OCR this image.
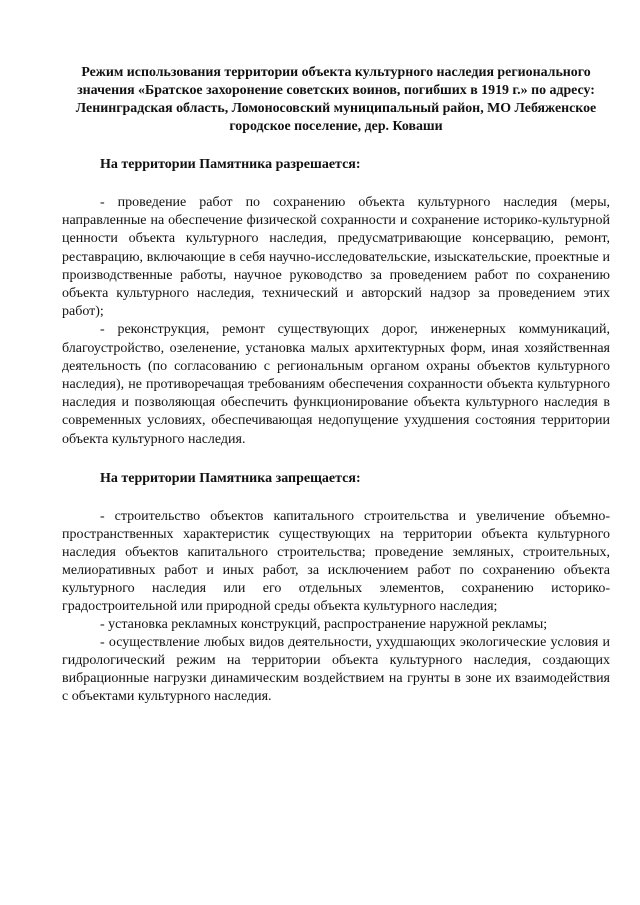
Режим использования территории объекта культурного наследия регионального значения «Братское захоронение советских воинов, погибших в 1919 г.» по адресу: Ленинградская область, Ломоносовский муниципальный район, МО Лебяженское городское поселение, дер. Коваши
На территории Памятника разрешается:

- проведение работ по сохранению объекта культурного наследия (меры, направленные на обеспечение физической сохранности и сохранение историко-культурной ценности объекта культурного наследия, предусматривающие консервацию, ремонт, реставрацию, включающие в себя научно-исследовательские, изыскательские, проектные и производственные работы, научное руководство за проведением работ по сохранению объекта культурного наследия, технический и авторский надзор за проведением этих работ);

- реконструкция, ремонт существующих дорог, инженерных коммуникаций, благоустройство, озеленение, установка малых архитектурных форм, иная хозяйственная деятельность (по согласованию с региональным органом охраны объектов культурного наследия), не противоречащая требованиям обеспечения сохранности объекта культурного наследия и позволяющая обеспечить функционирование объекта культурного наследия в современных условиях, обеспечивающая недопущение ухудшения состояния территории объекта культурного наследия.

На территории Памятника запрещается:

- строительство объектов капитального строительства и увеличение объемно-пространственных характеристик существующих на территории объекта культурного наследия объектов капитального строительства; проведение земляных, строительных, мелиоративных работ и иных работ, за исключением работ по сохранению объекта культурного наследия или его отдельных элементов, сохранению историко-градостроительной или природной среды объекта культурного наследия;

- установка рекламных конструкций, распространение наружной рекламы;

- осуществление любых видов деятельности, ухудшающих экологические условия и гидрологический режим на территории объекта культурного наследия, создающих вибрационные нагрузки динамическим воздействием на грунты в зоне их взаимодействия с объектами культурного наследия.
